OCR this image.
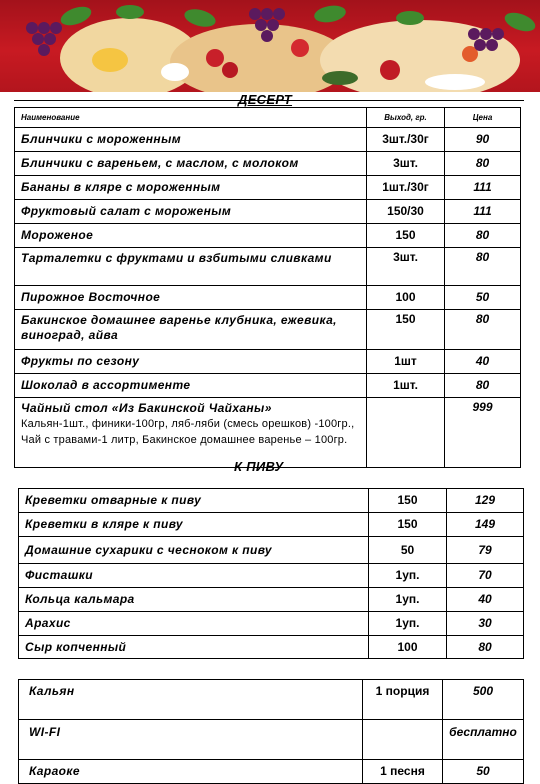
ДЕСЕРТ
Наименование	Выход, гр.	Цена
Блинчики с мороженным	3шт./30г	90
Блинчики с вареньем, с маслом, с молоком	3шт.	80
Бананы в кляре с мороженным	1шт./30г	111
Фруктовый салат с мороженым	150/30	111
Мороженое	150	80
Тарталетки с фруктами и взбитыми сливками	3шт.	80
Пирожное Восточное	100	50
Бакинское домашнее варенье клубника, ежевика, виноград, айва	150	80
Фрукты по сезону	1шт	40
Шоколад в ассортименте	1шт.	80
Чайный стол «Из Бакинской Чайханы»
Кальян-1шт., финики-100гр, ляб-ляби (смесь орешков) -100гр., Чай с травами-1 литр, Бакинское домашнее варенье – 100гр.		999
К ПИВУ
Креветки отварные к пиву	150	129
Креветки в кляре к пиву	150	149
Домашние сухарики с чесноком к пиву	50	79
Фисташки	1уп.	70
Кольца кальмара	1уп.	40
Арахис	1уп.	30
Сыр копченный	100	80
Кальян	1 порция	500
WI-FI		бесплатно
Караоке	1 песня	50
